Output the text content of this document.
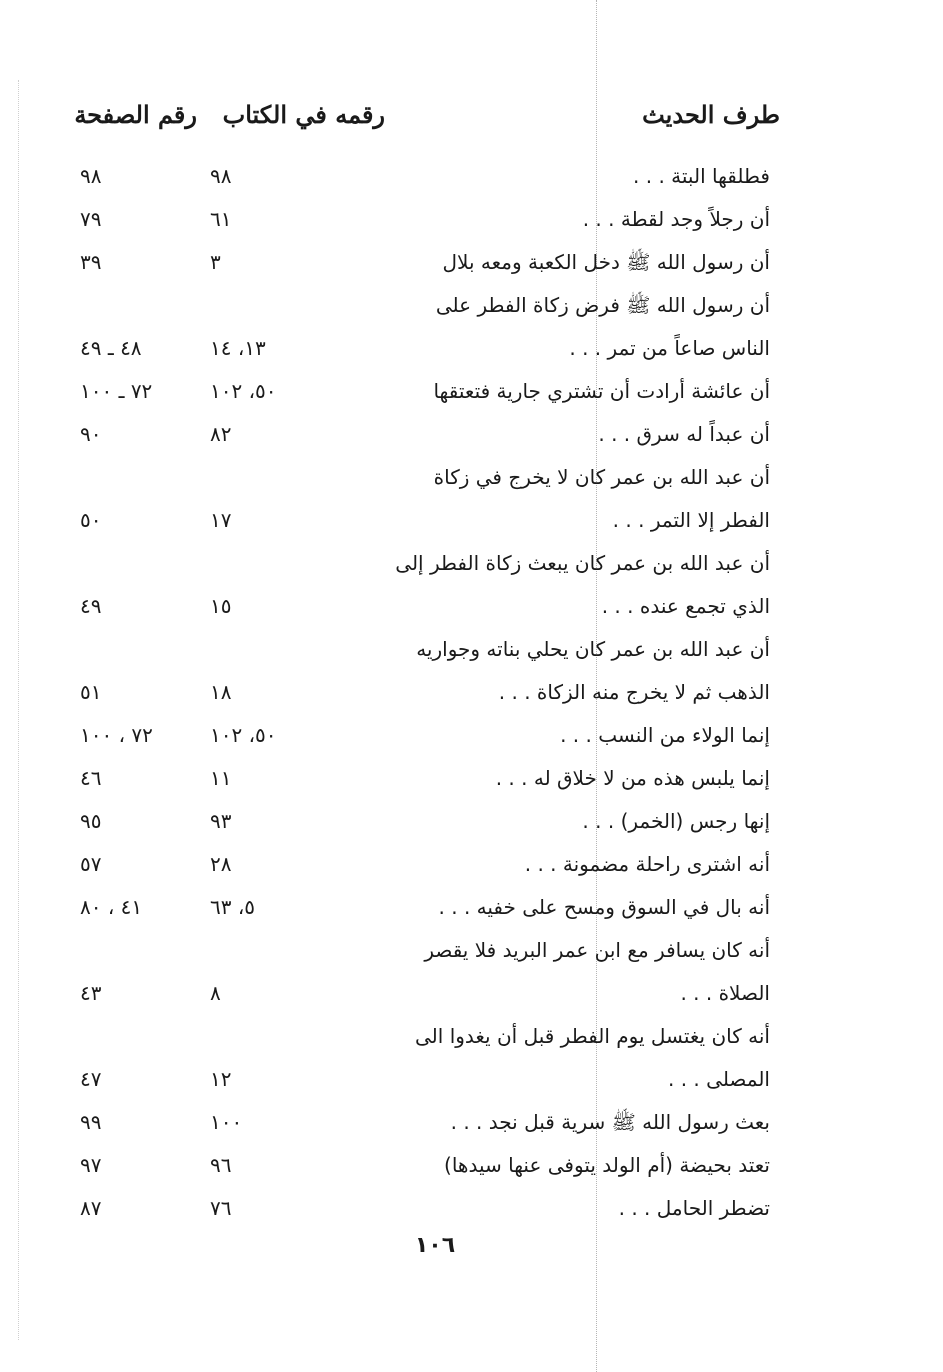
طرف الحديث
رقمه في الكتاب
رقم الصفحة
فطلقها البتة . . .
٩٨
٩٨
أن رجلاً وجد لقطة . . .
٦١
٧٩
أن رسول الله ﷺ دخل الكعبة ومعه بلال
٣
٣٩
أن رسول الله ﷺ فرض زكاة الفطر على
الناس صاعاً من تمر . . .
١٣، ١٤
٤٨ ـ ٤٩
أن عائشة أرادت أن تشتري جارية فتعتقها
٥٠، ١٠٢
٧٢ ـ ١٠٠
أن عبداً له سرق . . .
٨٢
٩٠
أن عبد الله بن عمر كان لا يخرج في زكاة
الفطر إلا التمر . . .
١٧
٥٠
أن عبد الله بن عمر كان يبعث زكاة الفطر إلى
الذي تجمع عنده . . .
١٥
٤٩
أن عبد الله بن عمر كان يحلي بناته وجواريه
الذهب ثم لا يخرج منه الزكاة . . .
١٨
٥١
إنما الولاء من النسب . . .
٥٠، ١٠٢
٧٢ ، ١٠٠
إنما يلبس هذه من لا خلاق له . . .
١١
٤٦
إنها رجس (الخمر) . . .
٩٣
٩٥
أنه اشترى راحلة مضمونة . . .
٢٨
٥٧
أنه بال في السوق ومسح على خفيه . . .
٥، ٦٣
٤١ ، ٨٠
أنه كان يسافر مع ابن عمر البريد فلا يقصر
الصلاة . . .
٨
٤٣
أنه كان يغتسل يوم الفطر قبل أن يغدوا الى
المصلى . . .
١٢
٤٧
بعث رسول الله ﷺ سرية قبل نجد . . .
١٠٠
٩٩
تعتد بحيضة (أم الولد يتوفى عنها سيدها)
٩٦
٩٧
تضطر الحامل . . .
٧٦
٨٧
١٠٦
